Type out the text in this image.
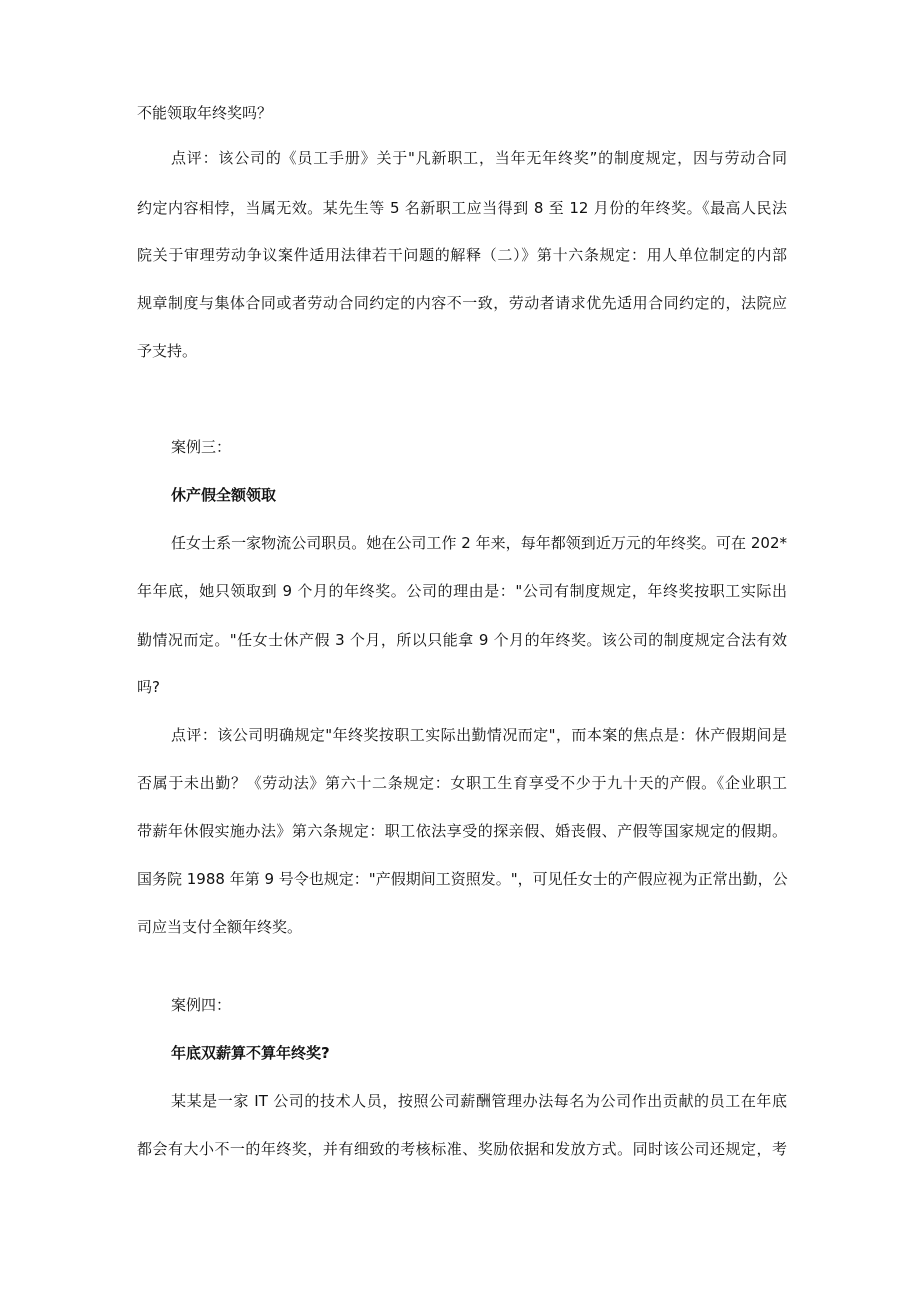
不能领取年终奖吗？
点评：该公司的《员工手册》关于"凡新职工，当年无年终奖”的制度规定，因与劳动合同
约定内容相悖，当属无效。某先生等 5 名新职工应当得到 8 至 12 月份的年终奖。《最高人民法
院关于审理劳动争议案件适用法律若干问题的解释（二）》第十六条规定：用人单位制定的内部
规章制度与集体合同或者劳动合同约定的内容不一致，劳动者请求优先适用合同约定的，法院应
予支持。
案例三：
休产假全额领取
任女士系一家物流公司职员。她在公司工作 2 年来，每年都领到近万元的年终奖。可在 202*
年年底，她只领取到 9 个月的年终奖。公司的理由是："公司有制度规定，年终奖按职工实际出
勤情况而定。"任女士休产假 3 个月，所以只能拿 9 个月的年终奖。该公司的制度规定合法有效
吗?
点评：该公司明确规定"年终奖按职工实际出勤情况而定"，而本案的焦点是：休产假期间是
否属于未出勤？《劳动法》第六十二条规定：女职工生育享受不少于九十天的产假。《企业职工
带薪年休假实施办法》第六条规定：职工依法享受的探亲假、婚丧假、产假等国家规定的假期。
国务院 1988 年第 9 号令也规定："产假期间工资照发。"，可见任女士的产假应视为正常出勤，公
司应当支付全额年终奖。
案例四：
年底双薪算不算年终奖?
某某是一家 IT 公司的技术人员，按照公司薪酬管理办法每名为公司作出贡献的员工在年底
都会有大小不一的年终奖，并有细致的考核标准、奖励依据和发放方式。同时该公司还规定，考
